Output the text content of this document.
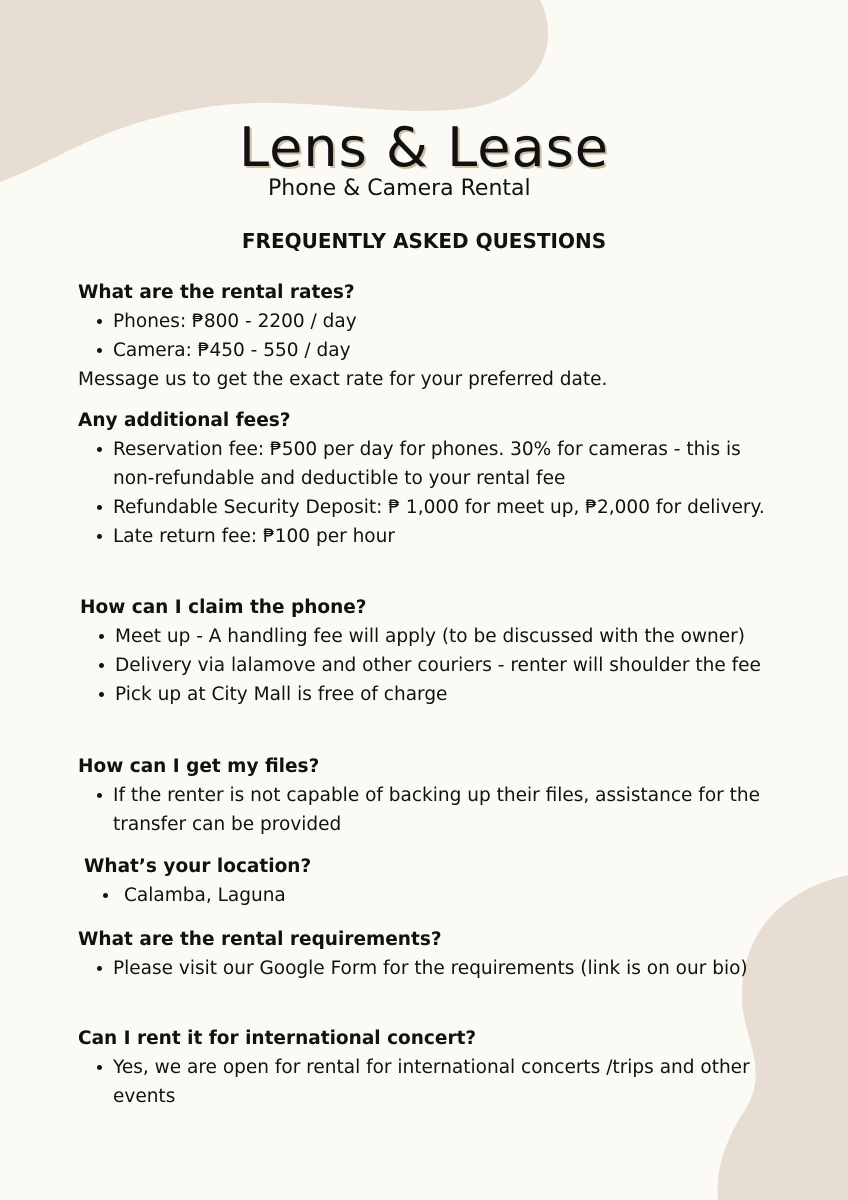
Lens & Lease
Phone & Camera Rental
FREQUENTLY ASKED QUESTIONS

What are the rental rates?

Phones: ₱800 - 2200 / day
Camera: ₱450 - 550 / day

Message us to get the exact rate for your preferred date.

Any additional fees?

Reservation fee: ₱500 per day for phones. 30% for cameras - this is non-refundable and deductible to your rental fee
Refundable Security Deposit: ₱ 1,000 for meet up, ₱2,000 for delivery.
Late return fee: ₱100 per hour

How can I claim the phone?

Meet up - A handling fee will apply (to be discussed with the owner)
Delivery via lalamove and other couriers - renter will shoulder the fee
Pick up at City Mall is free of charge

How can I get my files?

If the renter is not capable of backing up their files, assistance for the transfer can be provided

What’s your location?

Calamba, Laguna

What are the rental requirements?

Please visit our Google Form for the requirements (link is on our bio)

Can I rent it for international concert?

Yes, we are open for rental for international concerts /trips and other events
